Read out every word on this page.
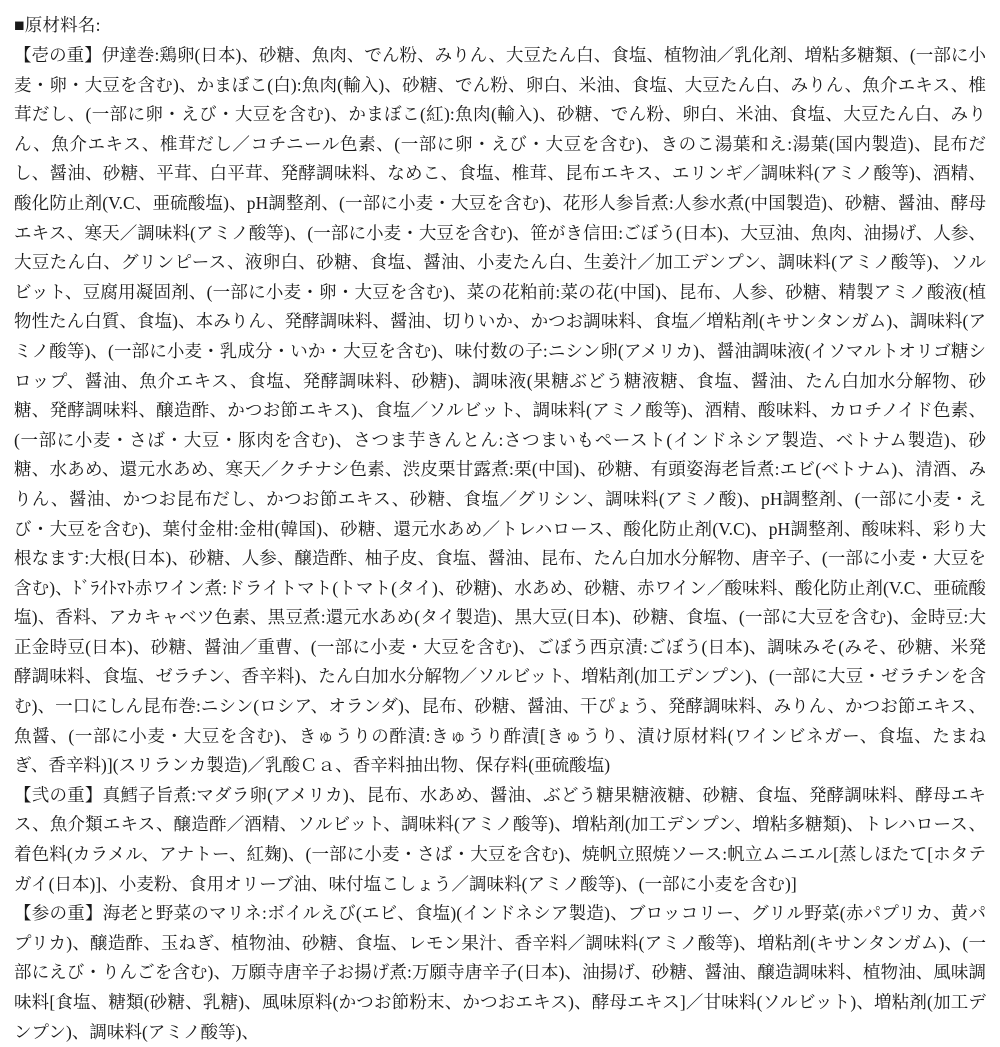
■原材料名:

【壱の重】伊達巻:鶏卵(日本)、砂糖、魚肉、でん粉、みりん、大豆たん白、食塩、植物油／乳化剤、増粘多糖類、(一部に小麦・卵・大豆を含む)、かまぼこ(白):魚肉(輸入)、砂糖、でん粉、卵白、米油、食塩、大豆たん白、みりん、魚介エキス、椎茸だし、(一部に卵・えび・大豆を含む)、かまぼこ(紅):魚肉(輸入)、砂糖、でん粉、卵白、米油、食塩、大豆たん白、みりん、魚介エキス、椎茸だし／コチニール色素、(一部に卵・えび・大豆を含む)、きのこ湯葉和え:湯葉(国内製造)、昆布だし、醤油、砂糖、平茸、白平茸、発酵調味料、なめこ、食塩、椎茸、昆布エキス、エリンギ／調味料(アミノ酸等)、酒精、酸化防止剤(V.C、亜硫酸塩)、pH調整剤、(一部に小麦・大豆を含む)、花形人参旨煮:人参水煮(中国製造)、砂糖、醤油、酵母エキス、寒天／調味料(アミノ酸等)、(一部に小麦・大豆を含む)、笹がき信田:ごぼう(日本)、大豆油、魚肉、油揚げ、人参、大豆たん白、グリンピース、液卵白、砂糖、食塩、醤油、小麦たん白、生姜汁／加工デンプン、調味料(アミノ酸等)、ソルビット、豆腐用凝固剤、(一部に小麦・卵・大豆を含む)、菜の花粕前:菜の花(中国)、昆布、人参、砂糖、精製アミノ酸液(植物性たん白質、食塩)、本みりん、発酵調味料、醤油、切りいか、かつお調味料、食塩／増粘剤(キサンタンガム)、調味料(アミノ酸等)、(一部に小麦・乳成分・いか・大豆を含む)、味付数の子:ニシン卵(アメリカ)、醤油調味液(イソマルトオリゴ糖シロップ、醤油、魚介エキス、食塩、発酵調味料、砂糖)、調味液(果糖ぶどう糖液糖、食塩、醤油、たん白加水分解物、砂糖、発酵調味料、醸造酢、かつお節エキス)、食塩／ソルビット、調味料(アミノ酸等)、酒精、酸味料、カロチノイド色素、(一部に小麦・さば・大豆・豚肉を含む)、さつま芋きんとん:さつまいもペースト(インドネシア製造、ベトナム製造)、砂糖、水あめ、還元水あめ、寒天／クチナシ色素、渋皮栗甘露煮:栗(中国)、砂糖、有頭姿海老旨煮:エビ(ベトナム)、清酒、みりん、醤油、かつお昆布だし、かつお節エキス、砂糖、食塩／グリシン、調味料(アミノ酸)、pH調整剤、(一部に小麦・えび・大豆を含む)、葉付金柑:金柑(韓国)、砂糖、還元水あめ／トレハロース、酸化防止剤(V.C)、pH調整剤、酸味料、彩り大根なます:大根(日本)、砂糖、人参、醸造酢、柚子皮、食塩、醤油、昆布、たん白加水分解物、唐辛子、(一部に小麦・大豆を含む)、ﾄﾞﾗｲﾄﾏﾄ赤ワイン煮:ドライトマト(トマト(タイ)、砂糖)、水あめ、砂糖、赤ワイン／酸味料、酸化防止剤(V.C、亜硫酸塩)、香料、アカキャベツ色素、黒豆煮:還元水あめ(タイ製造)、黒大豆(日本)、砂糖、食塩、(一部に大豆を含む)、金時豆:大正金時豆(日本)、砂糖、醤油／重曹、(一部に小麦・大豆を含む)、ごぼう西京漬:ごぼう(日本)、調味みそ(みそ、砂糖、米発酵調味料、食塩、ゼラチン、香辛料)、たん白加水分解物／ソルビット、増粘剤(加工デンプン)、(一部に大豆・ゼラチンを含む)、一口にしん昆布巻:ニシン(ロシア、オランダ)、昆布、砂糖、醤油、干ぴょう、発酵調味料、みりん、かつお節エキス、魚醤、(一部に小麦・大豆を含む)、きゅうりの酢漬:きゅうり酢漬[きゅうり、漬け原材料(ワインビネガー、食塩、たまねぎ、香辛料)](スリランカ製造)／乳酸Ｃａ、香辛料抽出物、保存料(亜硫酸塩)

【弐の重】真鱈子旨煮:マダラ卵(アメリカ)、昆布、水あめ、醤油、ぶどう糖果糖液糖、砂糖、食塩、発酵調味料、酵母エキス、魚介類エキス、醸造酢／酒精、ソルビット、調味料(アミノ酸等)、増粘剤(加工デンプン、増粘多糖類)、トレハロース、着色料(カラメル、アナトー、紅麹)、(一部に小麦・さば・大豆を含む)、焼帆立照焼ソース:帆立ムニエル[蒸しほたて[ホタテガイ(日本)]、小麦粉、食用オリーブ油、味付塩こしょう／調味料(アミノ酸等)、(一部に小麦を含む)]

【参の重】海老と野菜のマリネ:ボイルえび(エビ、食塩)(インドネシア製造)、ブロッコリー、グリル野菜(赤パプリカ、黄パプリカ)、醸造酢、玉ねぎ、植物油、砂糖、食塩、レモン果汁、香辛料／調味料(アミノ酸等)、増粘剤(キサンタンガム)、(一部にえび・りんごを含む)、万願寺唐辛子お揚げ煮:万願寺唐辛子(日本)、油揚げ、砂糖、醤油、醸造調味料、植物油、風味調味料[食塩、糖類(砂糖、乳糖)、風味原料(かつお節粉末、かつおエキス)、酵母エキス]／甘味料(ソルビット)、増粘剤(加工デンプン)、調味料(アミノ酸等)、
